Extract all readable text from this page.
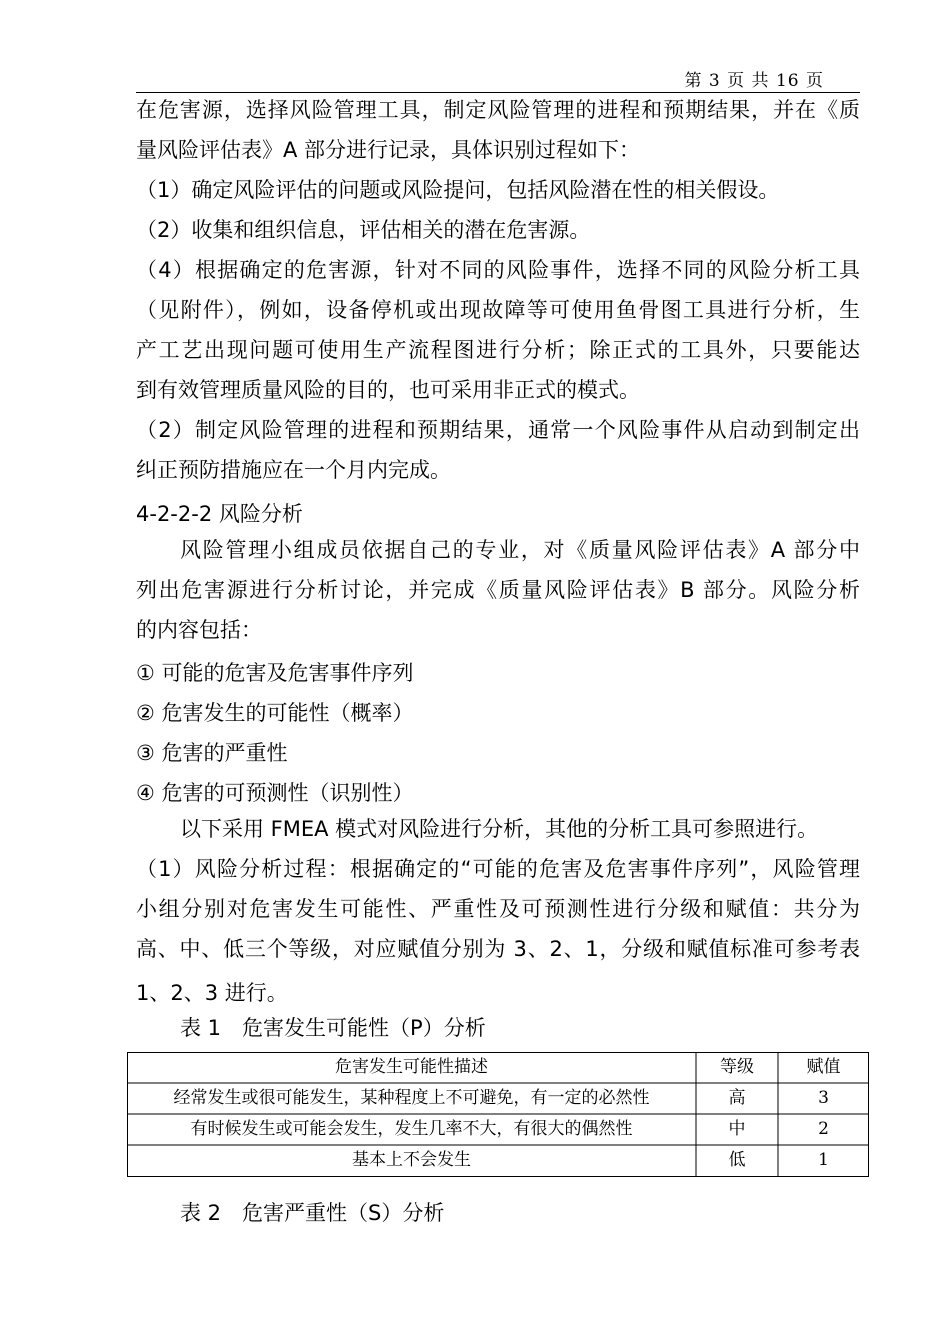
第 3 页 共 16 页
在危害源，选择风险管理工具，制定风险管理的进程和预期结果，并在《质
量风险评估表》A 部分进行记录，具体识别过程如下：
（1）确定风险评估的问题或风险提问，包括风险潜在性的相关假设。
（2）收集和组织信息，评估相关的潜在危害源。
（4）根据确定的危害源，针对不同的风险事件，选择不同的风险分析工具
（见附件），例如，设备停机或出现故障等可使用鱼骨图工具进行分析，生
产工艺出现问题可使用生产流程图进行分析；除正式的工具外，只要能达
到有效管理质量风险的目的，也可采用非正式的模式。
（2）制定风险管理的进程和预期结果，通常一个风险事件从启动到制定出
纠正预防措施应在一个月内完成。
4-2-2-2 风险分析
风险管理小组成员依据自己的专业，对《质量风险评估表》A 部分中
列出危害源进行分析讨论，并完成《质量风险评估表》B 部分。风险分析
的内容包括：
① 可能的危害及危害事件序列
② 危害发生的可能性（概率）
③ 危害的严重性
④ 危害的可预测性（识别性）
以下采用 FMEA 模式对风险进行分析，其他的分析工具可参照进行。
（1）风险分析过程：根据确定的“可能的危害及危害事件序列”，风险管理
小组分别对危害发生可能性、严重性及可预测性进行分级和赋值：共分为
高、中、低三个等级，对应赋值分别为 3、2、1，分级和赋值标准可参考表
1、2、3 进行。
表 1　危害发生可能性（P）分析
危害发生可能性描述	等级	赋值
经常发生或很可能发生，某种程度上不可避免，有一定的必然性	高	3
有时候发生或可能会发生，发生几率不大，有很大的偶然性	中	2
基本上不会发生	低	1
表 2　危害严重性（S）分析
